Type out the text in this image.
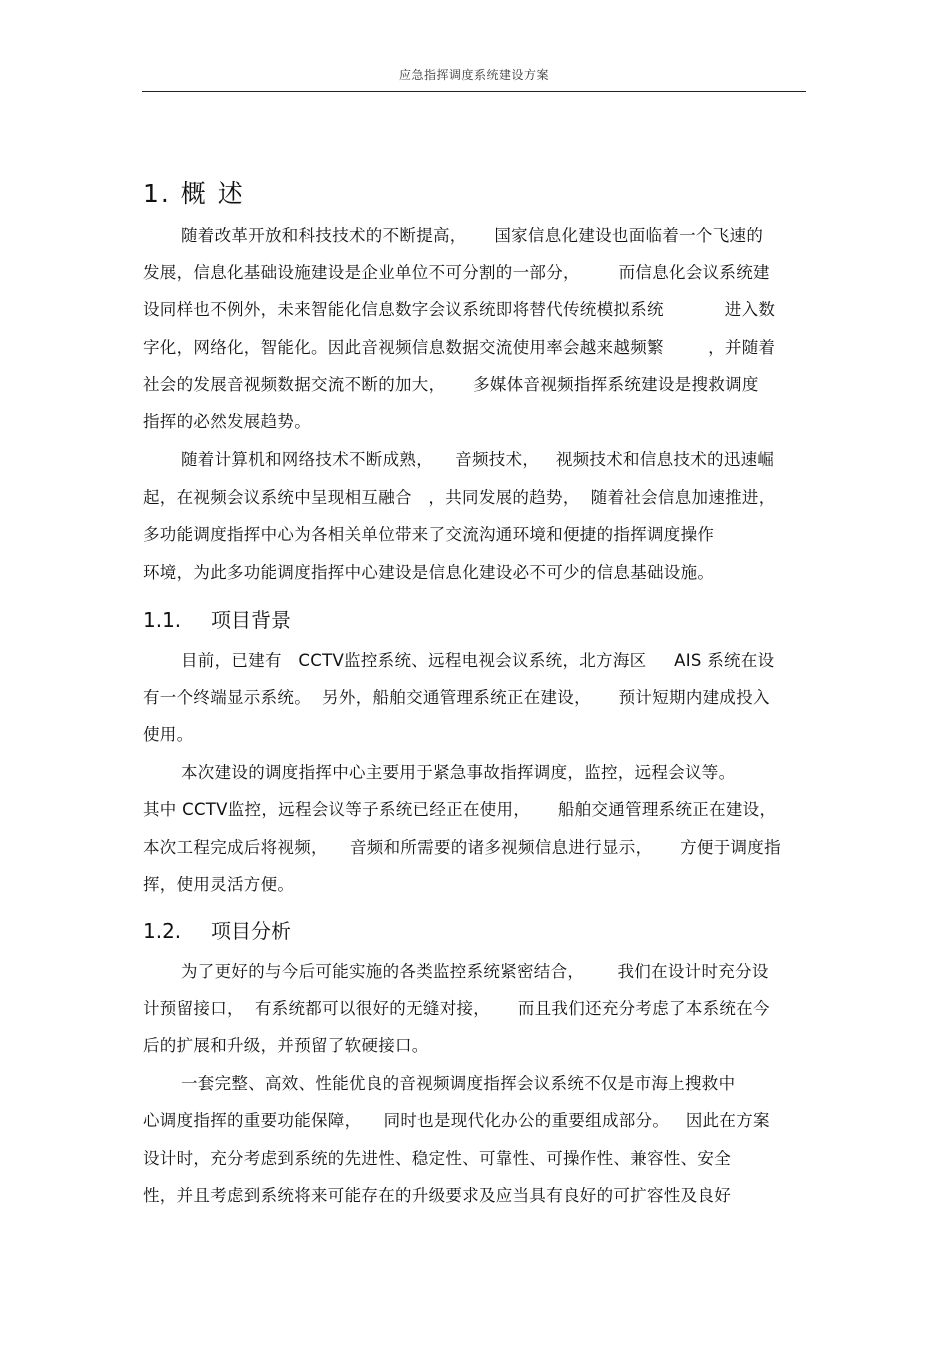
应急指挥调度系统建设方案
1. 概 述
随着改革开放和科技技术的不断提高，     国家信息化建设也面临着一个飞速的
发展，信息化基础设施建设是企业单位不可分割的一部分，       而信息化会议系统建
设同样也不例外，未来智能化信息数字会议系统即将替代传统模拟系统           进入数
字化，网络化，智能化。因此音视频信息数据交流使用率会越来越频繁        ，并随着
社会的发展音视频数据交流不断的加大，     多媒体音视频指挥系统建设是搜救调度
指挥的必然发展趋势。
随着计算机和网络技术不断成熟，    音频技术，   视频技术和信息技术的迅速崛
起，在视频会议系统中呈现相互融合   ，共同发展的趋势，  随着社会信息加速推进，
多功能调度指挥中心为各相关单位带来了交流沟通环境和便捷的指挥调度操作
环境，为此多功能调度指挥中心建设是信息化建设必不可少的信息基础设施。
1.1. 项目背景
目前，已建有   CCTV监控系统、远程电视会议系统，北方海区     AIS 系统在设
有一个终端显示系统。  另外，船舶交通管理系统正在建设，     预计短期内建成投入
使用。
本次建设的调度指挥中心主要用于紧急事故指挥调度，监控，远程会议等。
其中 CCTV监控，远程会议等子系统已经正在使用，     船舶交通管理系统正在建设，
本次工程完成后将视频，    音频和所需要的诸多视频信息进行显示，     方便于调度指
挥，使用灵活方便。
1.2. 项目分析
为了更好的与今后可能实施的各类监控系统紧密结合，      我们在设计时充分设
计预留接口，  有系统都可以很好的无缝对接，     而且我们还充分考虑了本系统在今
后的扩展和升级，并预留了软硬接口。
一套完整、高效、性能优良的音视频调度指挥会议系统不仅是市海上搜救中
心调度指挥的重要功能保障，    同时也是现代化办公的重要组成部分。   因此在方案
设计时，充分考虑到系统的先进性、稳定性、可靠性、可操作性、兼容性、安全
性，并且考虑到系统将来可能存在的升级要求及应当具有良好的可扩容性及良好
